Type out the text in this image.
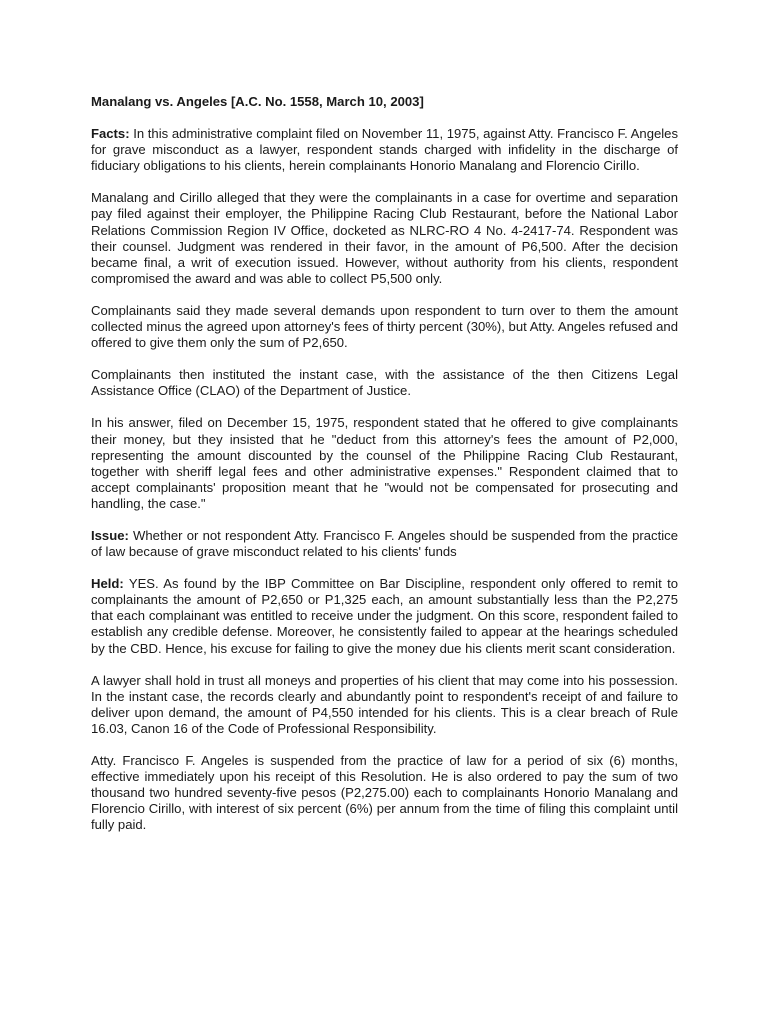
Manalang vs. Angeles [A.C. No. 1558, March 10, 2003]

Facts: In this administrative complaint filed on November 11, 1975, against Atty. Francisco F. Angeles for grave misconduct as a lawyer, respondent stands charged with infidelity in the discharge of fiduciary obligations to his clients, herein complainants Honorio Manalang and Florencio Cirillo.

Manalang and Cirillo alleged that they were the complainants in a case for overtime and separation pay filed against their employer, the Philippine Racing Club Restaurant, before the National Labor Relations Commission Region IV Office, docketed as NLRC-RO 4 No. 4-2417-74. Respondent was their counsel. Judgment was rendered in their favor, in the amount of P6,500. After the decision became final, a writ of execution issued. However, without authority from his clients, respondent compromised the award and was able to collect P5,500 only.

Complainants said they made several demands upon respondent to turn over to them the amount collected minus the agreed upon attorney's fees of thirty percent (30%), but Atty. Angeles refused and offered to give them only the sum of P2,650.

Complainants then instituted the instant case, with the assistance of the then Citizens Legal Assistance Office (CLAO) of the Department of Justice.

In his answer, filed on December 15, 1975, respondent stated that he offered to give complainants their money, but they insisted that he "deduct from this attorney's fees the amount of P2,000, representing the amount discounted by the counsel of the Philippine Racing Club Restaurant, together with sheriff legal fees and other administrative expenses." Respondent claimed that to accept complainants' proposition meant that he "would not be compensated for prosecuting and handling, the case."

Issue: Whether or not respondent Atty. Francisco F. Angeles should be suspended from the practice of law because of grave misconduct related to his clients' funds

Held: YES. As found by the IBP Committee on Bar Discipline, respondent only offered to remit to complainants the amount of P2,650 or P1,325 each, an amount substantially less than the P2,275 that each complainant was entitled to receive under the judgment. On this score, respondent failed to establish any credible defense. Moreover, he consistently failed to appear at the hearings scheduled by the CBD. Hence, his excuse for failing to give the money due his clients merit scant consideration.

A lawyer shall hold in trust all moneys and properties of his client that may come into his possession. In the instant case, the records clearly and abundantly point to respondent's receipt of and failure to deliver upon demand, the amount of P4,550 intended for his clients. This is a clear breach of Rule 16.03, Canon 16 of the Code of Professional Responsibility.

Atty. Francisco F. Angeles is suspended from the practice of law for a period of six (6) months, effective immediately upon his receipt of this Resolution. He is also ordered to pay the sum of two thousand two hundred seventy-five pesos (P2,275.00) each to complainants Honorio Manalang and Florencio Cirillo, with interest of six percent (6%) per annum from the time of filing this complaint until fully paid.
